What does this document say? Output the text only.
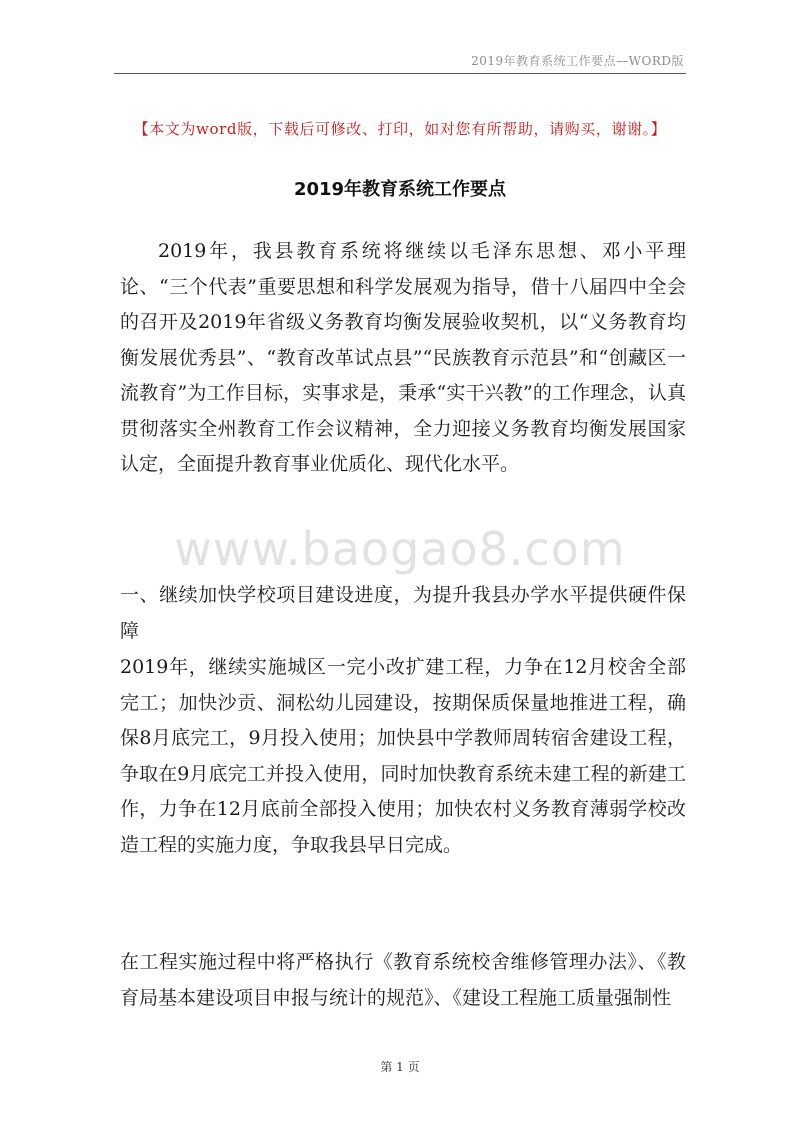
2019年教育系统工作要点—WORD版
【本文为word版，下载后可修改、打印，如对您有所帮助，请购买，谢谢。】
2019年教育系统工作要点

2019年，我县教育系统将继续以毛泽东思想、邓小平理论、“三个代表”重要思想和科学发展观为指导，借十八届四中全会的召开及2019年省级义务教育均衡发展验收契机，以“义务教育均衡发展优秀县”、“教育改革试点县”“民族教育示范县”和“创藏区一流教育”为工作目标，实事求是，秉承“实干兴教”的工作理念，认真贯彻落实全州教育工作会议精神，全力迎接义务教育均衡发展国家认定，全面提升教育事业优质化、现代化水平。

www.baogao8.com

一、继续加快学校项目建设进度，为提升我县办学水平提供硬件保障

2019年，继续实施城区一完小改扩建工程，力争在12月校舍全部完工；加快沙贡、洞松幼儿园建设，按期保质保量地推进工程，确保8月底完工，9月投入使用；加快县中学教师周转宿舍建设工程，争取在9月底完工并投入使用，同时加快教育系统未建工程的新建工作，力争在12月底前全部投入使用；加快农村义务教育薄弱学校改造工程的实施力度，争取我县早日完成。

在工程实施过程中将严格执行《教育系统校舍维修管理办法》、《教育局基本建设项目申报与统计的规范》、《建设工程施工质量强制性

第 1 页
